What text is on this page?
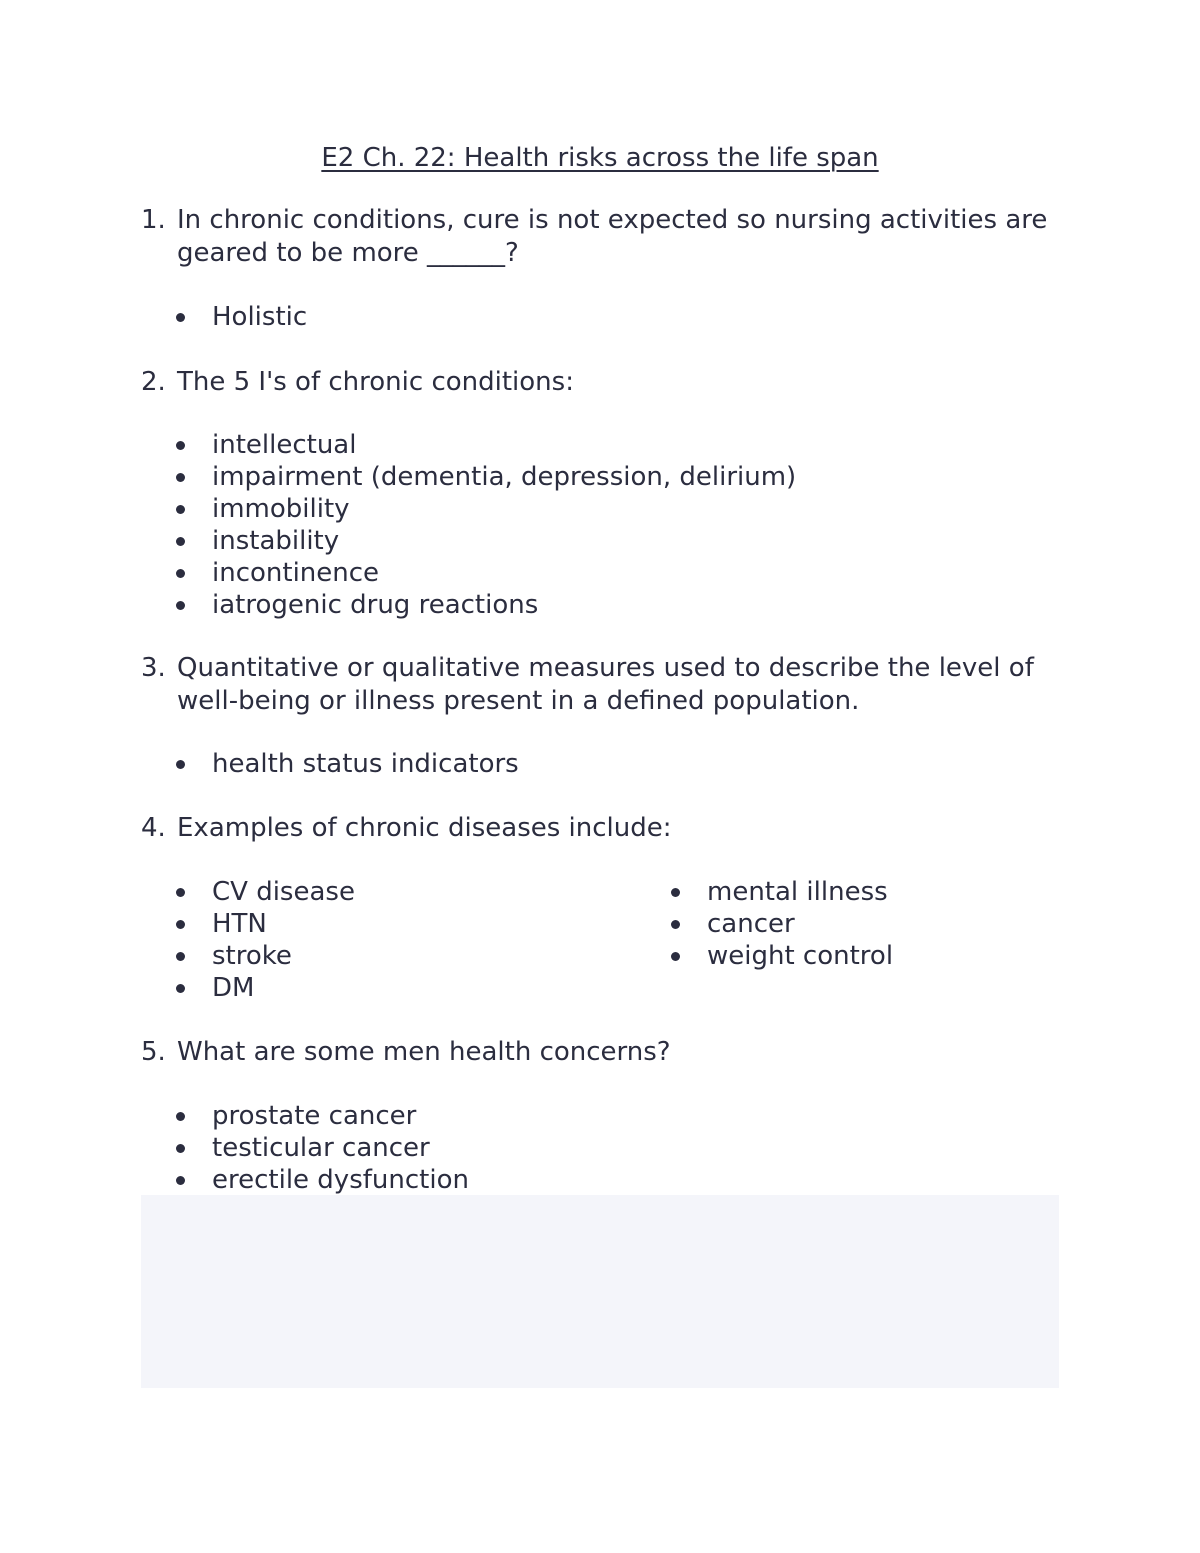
E2 Ch. 22: Health risks across the life span
1. In chronic conditions, cure is not expected so nursing activities are geared to be more ______?
Holistic
2. The 5 I's of chronic conditions:
intellectual
impairment (dementia, depression, delirium)
immobility
instability
incontinence
iatrogenic drug reactions
3. Quantitative or qualitative measures used to describe the level of well-being or illness present in a defined population.
health status indicators
4. Examples of chronic diseases include:
CV disease
HTN
stroke
DM
mental illness
cancer
weight control
5. What are some men health concerns?
prostate cancer
testicular cancer
erectile dysfunction
